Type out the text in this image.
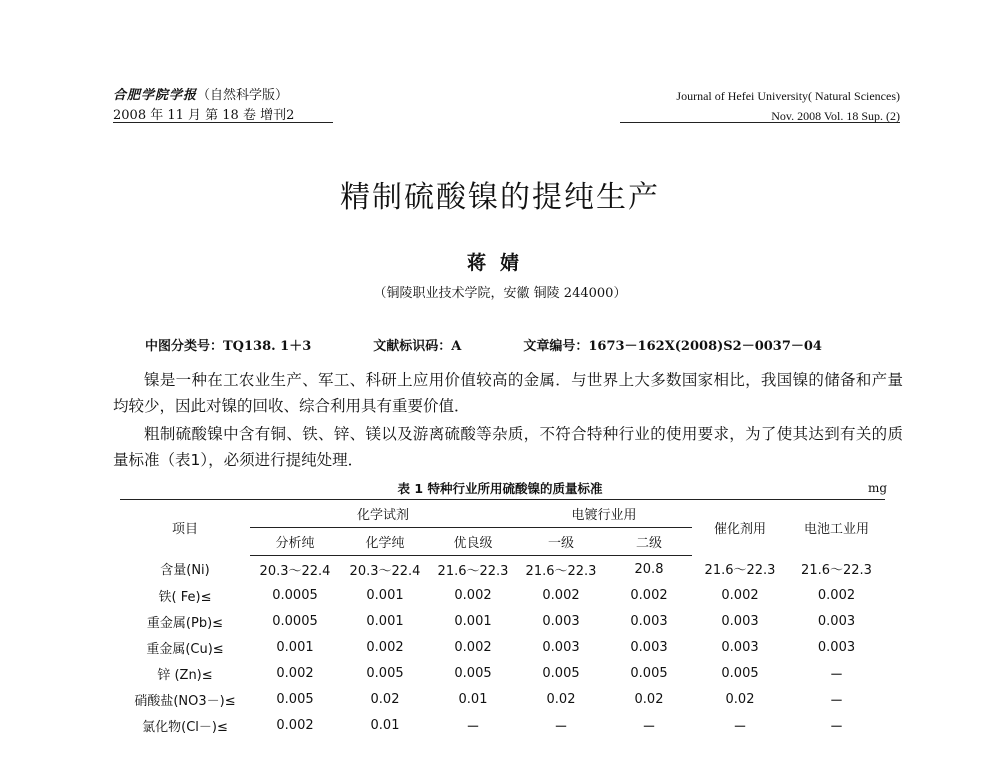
合肥学院学报（自然科学版）
2008 年 11 月 第 18 卷 增刊2
Journal of Hefei University( Natural Sciences)
Nov. 2008 Vol. 18 Sup. (2)
精制硫酸镍的提纯生产
蒋婧
（铜陵职业技术学院，安徽 铜陵 244000）
中图分类号：TQ138. 1＋3	文献标识码：A	文章编号：1673－162X(2008)S2－0037－04

镍是一种在工农业生产、军工、科研上应用价值较高的金属．与世界上大多数国家相比，我国镍的储备和产量均较少，因此对镍的回收、综合利用具有重要价值．

粗制硫酸镍中含有铜、铁、锌、镁以及游离硫酸等杂质，不符合特种行业的使用要求，为了使其达到有关的质量标准（表1），必须进行提纯处理．

表 1 特种行业所用硫酸镍的质量标准	mg
项目	化学试剂			电镀行业用		催化剂用	电池工业用
	分析纯	化学纯	优良级	一级	二级		
含量(Ni)	20.3～22.4	20.3～22.4	21.6～22.3	21.6～22.3	20.8	21.6～22.3	21.6～22.3
铁( Fe)≤	0.0005	0.001	0.002	0.002	0.002	0.002	0.002
重金属(Pb)≤	0.0005	0.001	0.001	0.003	0.003	0.003	0.003
重金属(Cu)≤	0.001	0.002	0.002	0.003	0.003	0.003	0.003
锌 (Zn)≤	0.002	0.005	0.005	0.005	0.005	0.005	－
硝酸盐(NO3－)≤	0.005	0.02	0.01	0.02	0.02	0.02	－
氯化物(Cl－)≤	0.002	0.01	－	－	－	－	－
